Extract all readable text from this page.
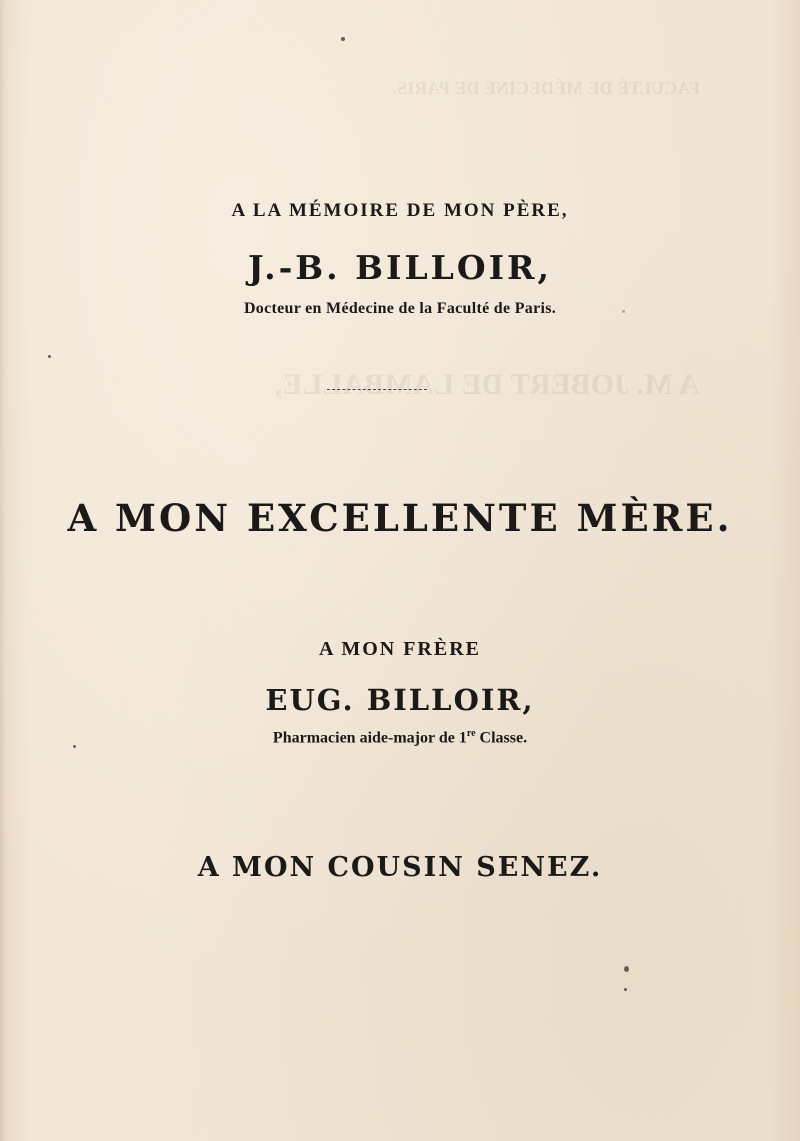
A M. JOBERT DE LAMBALLE,
FACULTÉ DE MÉDECINE DE PARIS.
A LA MÉMOIRE DE MON PÈRE,
J.-B. BILLOIR,
Docteur en Médecine de la Faculté de Paris.
A MON EXCELLENTE MÈRE.
A MON FRÈRE
EUG. BILLOIR,
Pharmacien aide-major de 1re Classe.
A MON COUSIN SENEZ.
